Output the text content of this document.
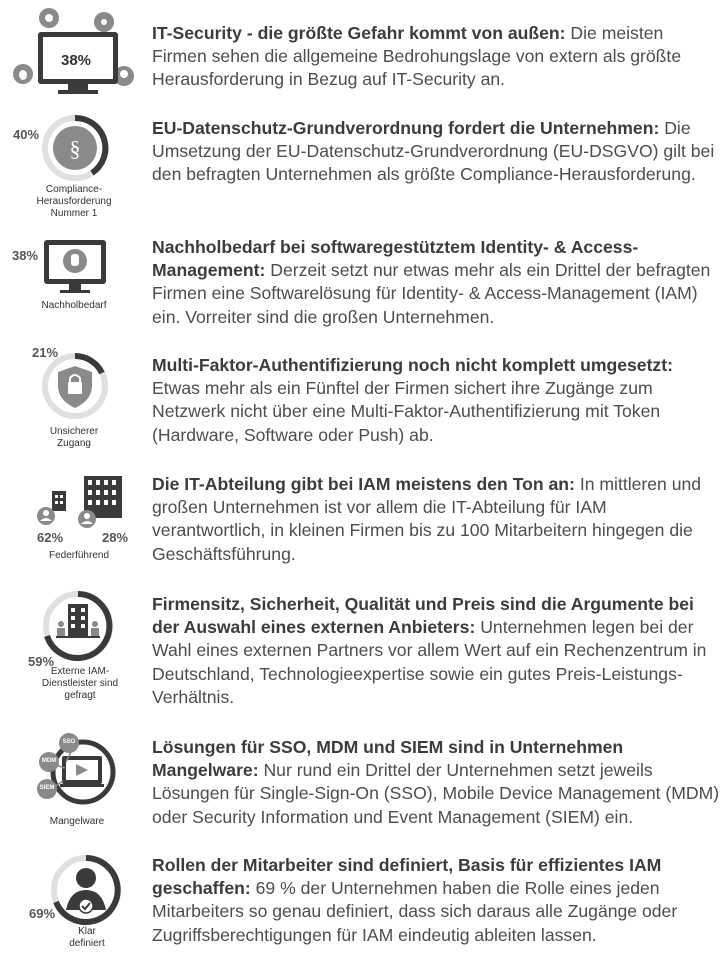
38%
IT-Security - die größte Gefahr kommt von außen: Die meisten Firmen sehen die allgemeine Bedrohungslage von extern als größte Herausforderung in Bezug auf IT-Security an.
§
40%
Compliance-Herausforderung Nummer 1
EU-Datenschutz-Grundverordnung fordert die Unternehmen: Die Umsetzung der EU-Datenschutz-Grundverordnung (EU-DSGVO) gilt bei den befragten Unternehmen als größte Compliance-Herausforderung.
38%
Nachholbedarf
Nachholbedarf bei softwaregestütztem Identity- & Access-Management: Derzeit setzt nur etwas mehr als ein Drittel der befragten Firmen eine Softwarelösung für Identity- & Access-Management (IAM) ein. Vorreiter sind die großen Unternehmen.
21%
Unsicherer Zugang
Multi-Faktor-Authentifizierung noch nicht komplett umgesetzt: Etwas mehr als ein Fünftel der Firmen sichert ihre Zugänge zum Netzwerk nicht über eine Multi-Faktor-Authentifizierung mit Token (Hardware, Software oder Push) ab.
62%	28%
Federführend
Die IT-Abteilung gibt bei IAM meistens den Ton an: In mittleren und großen Unternehmen ist vor allem die IT-Abteilung für IAM verantwortlich, in kleinen Firmen bis zu 100 Mitarbeitern hingegen die Geschäftsführung.
59%
Externe IAM-Dienstleister sind gefragt
Firmensitz, Sicherheit, Qualität und Preis sind die Argumente bei der Auswahl eines externen Anbieters: Unternehmen legen bei der Wahl eines externen Partners vor allem Wert auf ein Rechenzentrum in Deutschland, Technologieexpertise sowie ein gutes Preis-Leistungs-Verhältnis.
SSO
MDM
SIEM
Mangelware
Lösungen für SSO, MDM und SIEM sind in Unternehmen Mangelware: Nur rund ein Drittel der Unternehmen setzt jeweils Lösungen für Single-Sign-On (SSO), Mobile Device Management (MDM) oder Security Information und Event Management (SIEM) ein.
69%
Klar definiert
Rollen der Mitarbeiter sind definiert, Basis für effizientes IAM geschaffen: 69 % der Unternehmen haben die Rolle eines jeden Mitarbeiters so genau definiert, dass sich daraus alle Zugänge oder Zugriffsberechtigungen für IAM eindeutig ableiten lassen.
